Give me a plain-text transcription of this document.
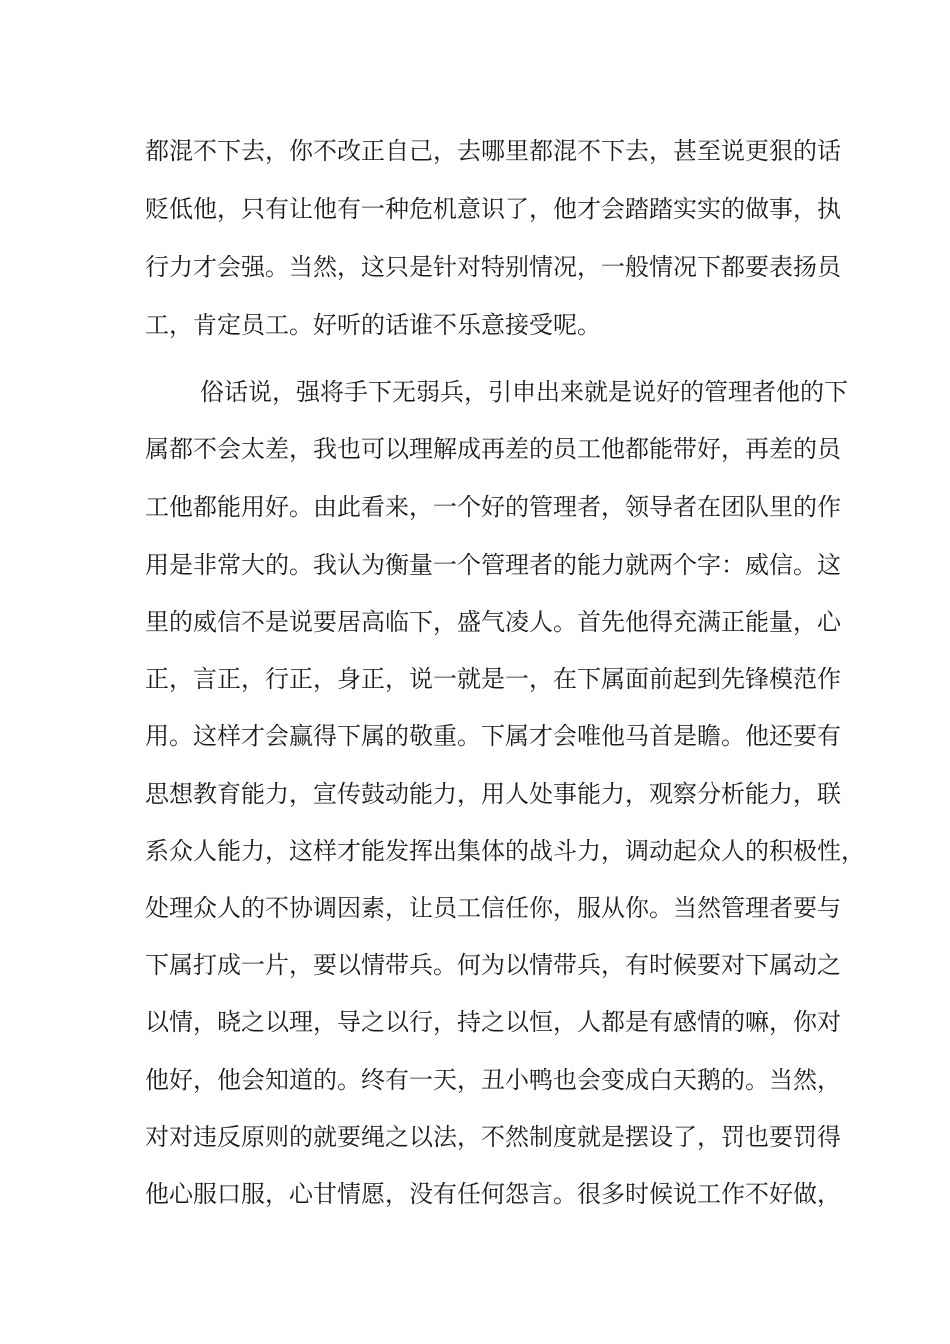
都混不下去，你不改正自己，去哪里都混不下去，甚至说更狠的话
贬低他，只有让他有一种危机意识了，他才会踏踏实实的做事，执
行力才会强。当然，这只是针对特别情况，一般情况下都要表扬员
工，肯定员工。好听的话谁不乐意接受呢。
俗话说，强将手下无弱兵，引申出来就是说好的管理者他的下
属都不会太差，我也可以理解成再差的员工他都能带好，再差的员
工他都能用好。由此看来，一个好的管理者，领导者在团队里的作
用是非常大的。我认为衡量一个管理者的能力就两个字：威信。这
里的威信不是说要居高临下，盛气凌人。首先他得充满正能量，心
正，言正，行正，身正，说一就是一，在下属面前起到先锋模范作
用。这样才会赢得下属的敬重。下属才会唯他马首是瞻。他还要有
思想教育能力，宣传鼓动能力，用人处事能力，观察分析能力，联
系众人能力，这样才能发挥出集体的战斗力，调动起众人的积极性，
处理众人的不协调因素，让员工信任你，服从你。当然管理者要与
下属打成一片，要以情带兵。何为以情带兵，有时候要对下属动之
以情，晓之以理，导之以行，持之以恒，人都是有感情的嘛，你对
他好，他会知道的。终有一天，丑小鸭也会变成白天鹅的。当然，
对对违反原则的就要绳之以法，不然制度就是摆设了，罚也要罚得
他心服口服，心甘情愿，没有任何怨言。很多时候说工作不好做，
